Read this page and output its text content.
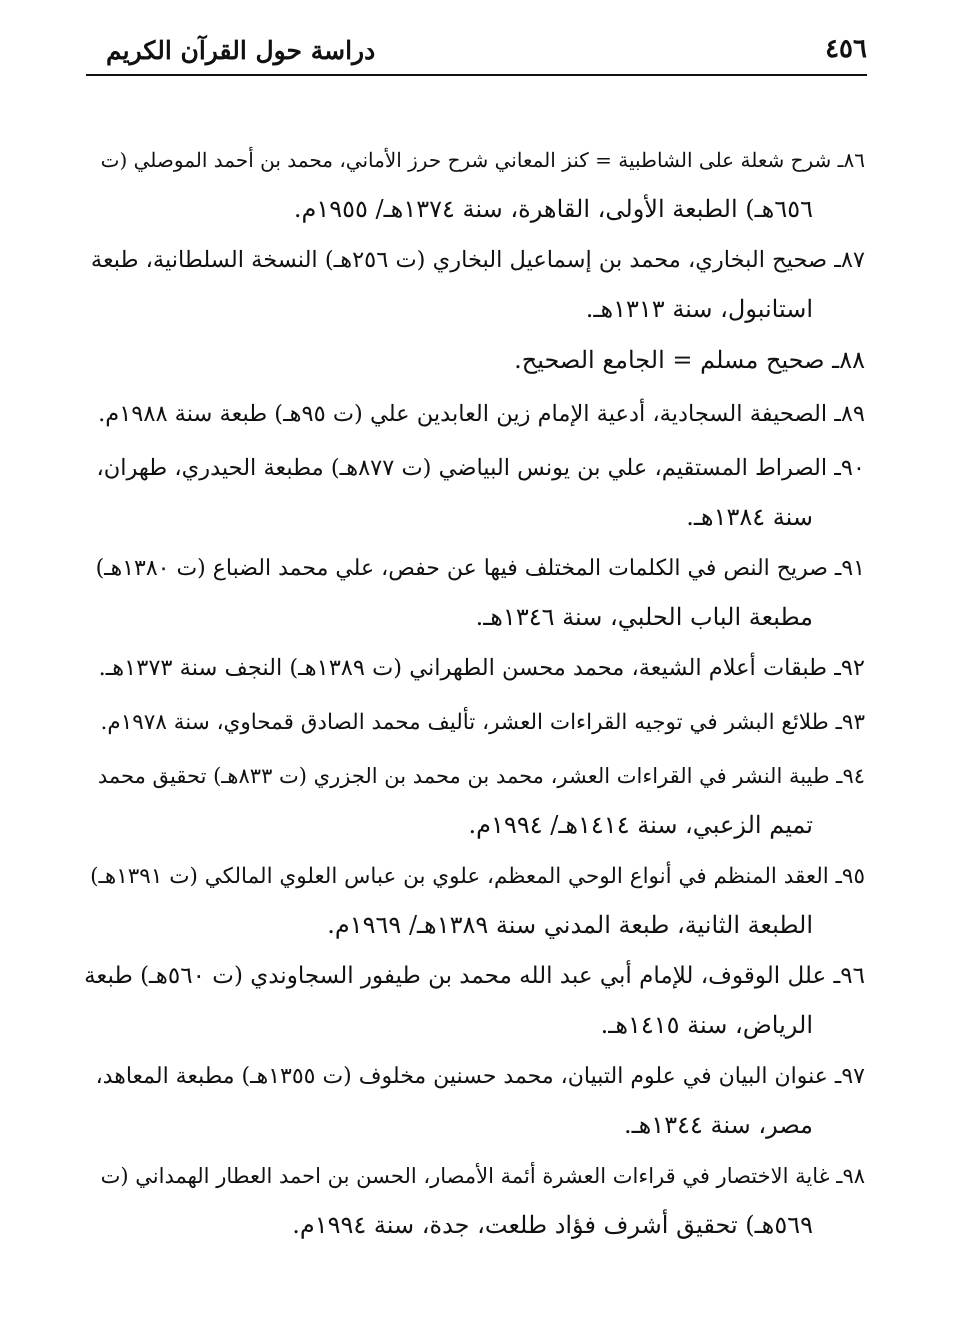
٤٥٦
دراسة حول القرآن الكريم
٨٦ـ شرح شعلة على الشاطبية = كنز المعاني شرح حرز الأماني، محمد بن أحمد الموصلي (ت
٦٥٦هـ) الطبعة الأولى، القاهرة، سنة ١٣٧٤هـ/ ١٩٥٥م.
٨٧ـ صحيح البخاري، محمد بن إسماعيل البخاري (ت ٢٥٦هـ) النسخة السلطانية، طبعة
استانبول، سنة ١٣١٣هـ.
٨٨ـ صحيح مسلم = الجامع الصحيح.
٨٩ـ الصحيفة السجادية، أدعية الإمام زين العابدين علي (ت ٩٥هـ) طبعة سنة ١٩٨٨م.
٩٠ـ الصراط المستقيم، علي بن يونس البياضي (ت ٨٧٧هـ) مطبعة الحيدري، طهران،
سنة ١٣٨٤هـ.
٩١ـ صريح النص في الكلمات المختلف فيها عن حفص، علي محمد الضباع (ت ١٣٨٠هـ)
مطبعة الباب الحلبي، سنة ١٣٤٦هـ.
٩٢ـ طبقات أعلام الشيعة، محمد محسن الطهراني (ت ١٣٨٩هـ) النجف سنة ١٣٧٣هـ.
٩٣ـ طلائع البشر في توجيه القراءات العشر، تأليف محمد الصادق قمحاوي، سنة ١٩٧٨م.
٩٤ـ طيبة النشر في القراءات العشر، محمد بن محمد بن الجزري (ت ٨٣٣هـ) تحقيق محمد
تميم الزعبي، سنة ١٤١٤هـ/ ١٩٩٤م.
٩٥ـ العقد المنظم في أنواع الوحي المعظم، علوي بن عباس العلوي المالكي (ت ١٣٩١هـ)
الطبعة الثانية، طبعة المدني سنة ١٣٨٩هـ/ ١٩٦٩م.
٩٦ـ علل الوقوف، للإمام أبي عبد الله محمد بن طيفور السجاوندي (ت ٥٦٠هـ) طبعة
الرياض، سنة ١٤١٥هـ.
٩٧ـ عنوان البيان في علوم التبيان، محمد حسنين مخلوف (ت ١٣٥٥هـ) مطبعة المعاهد،
مصر، سنة ١٣٤٤هـ.
٩٨ـ غاية الاختصار في قراءات العشرة أئمة الأمصار، الحسن بن احمد العطار الهمداني (ت
٥٦٩هـ) تحقيق أشرف فؤاد طلعت، جدة، سنة ١٩٩٤م.
